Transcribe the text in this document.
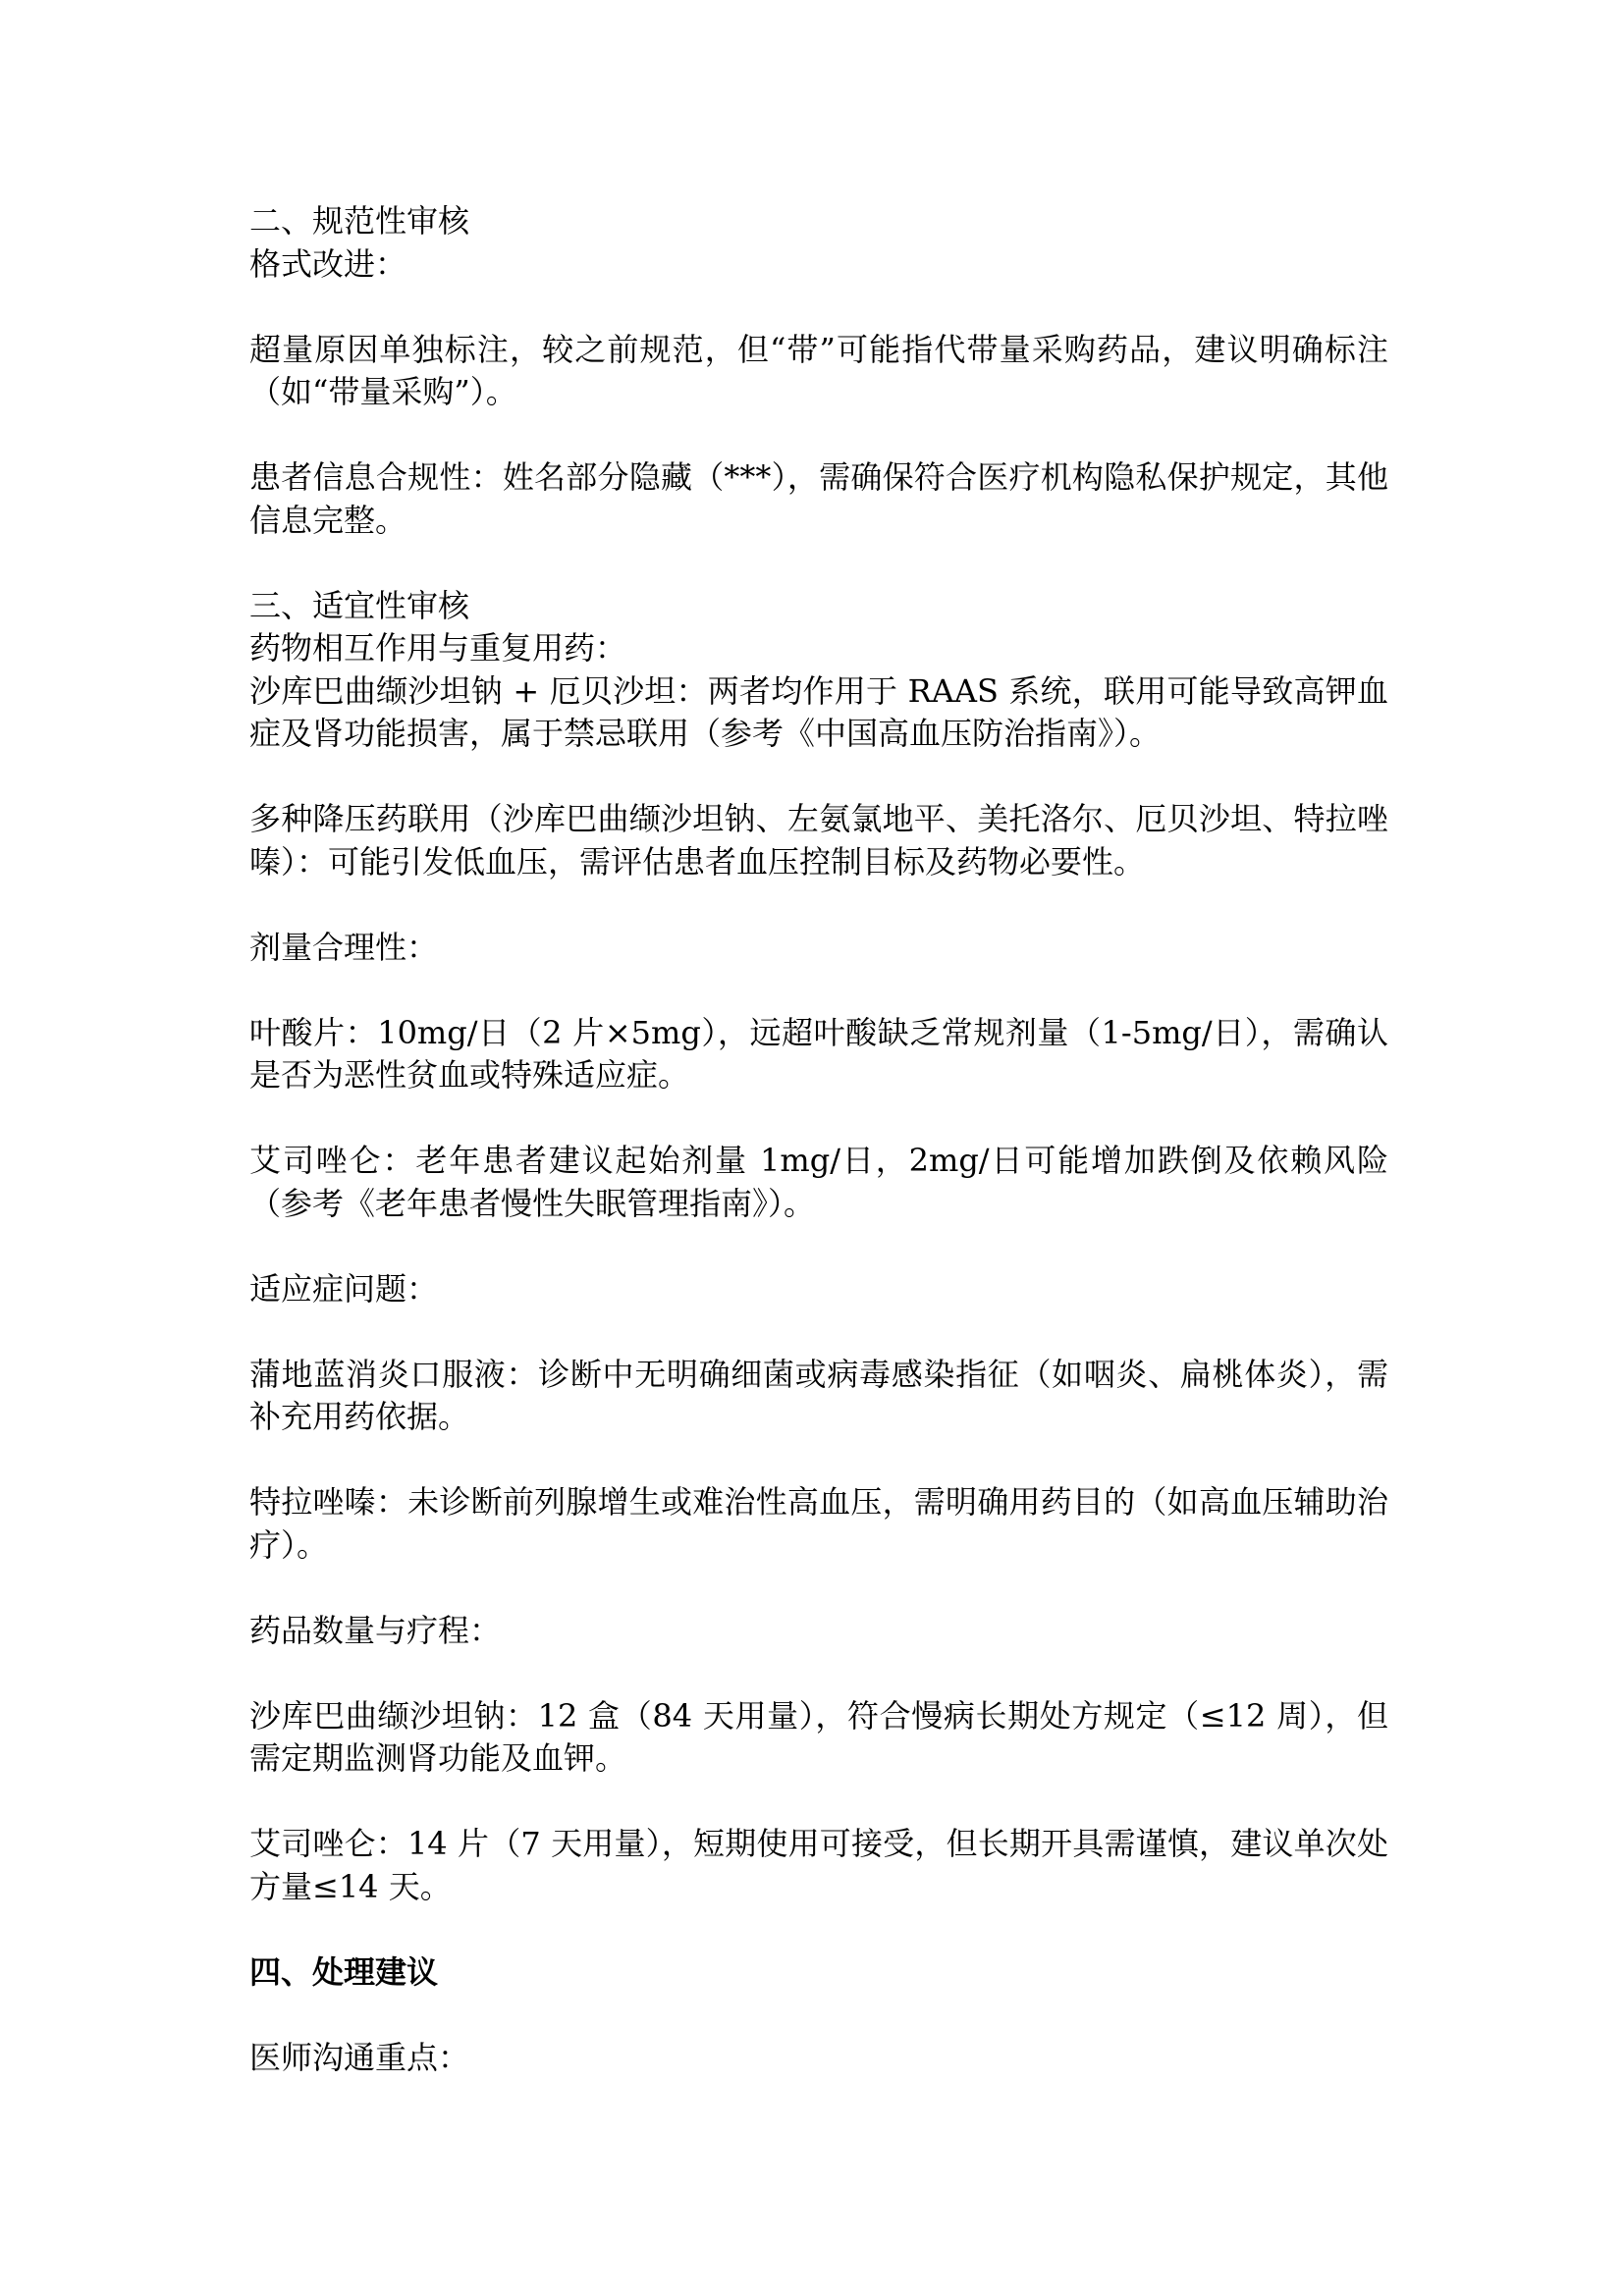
二、规范性审核

格式改进：

超量原因单独标注，较之前规范，但“带”可能指代带量采购药品，建议明确标注（如“带量采购”）。

患者信息合规性：姓名部分隐藏（***），需确保符合医疗机构隐私保护规定，其他信息完整。

三、适宜性审核

药物相互作用与重复用药：

沙库巴曲缬沙坦钠 + 厄贝沙坦：两者均作用于 RAAS 系统，联用可能导致高钾血症及肾功能损害，属于禁忌联用（参考《中国高血压防治指南》）。

多种降压药联用（沙库巴曲缬沙坦钠、左氨氯地平、美托洛尔、厄贝沙坦、特拉唑嗪）：可能引发低血压，需评估患者血压控制目标及药物必要性。

剂量合理性：

叶酸片：10mg/日（2 片×5mg），远超叶酸缺乏常规剂量（1-5mg/日），需确认是否为恶性贫血或特殊适应症。

艾司唑仑：老年患者建议起始剂量 1mg/日，2mg/日可能增加跌倒及依赖风险（参考《老年患者慢性失眠管理指南》）。

适应症问题：

蒲地蓝消炎口服液：诊断中无明确细菌或病毒感染指征（如咽炎、扁桃体炎），需补充用药依据。

特拉唑嗪：未诊断前列腺增生或难治性高血压，需明确用药目的（如高血压辅助治疗）。

药品数量与疗程：

沙库巴曲缬沙坦钠：12 盒（84 天用量），符合慢病长期处方规定（≤12 周），但需定期监测肾功能及血钾。

艾司唑仑：14 片（7 天用量），短期使用可接受，但长期开具需谨慎，建议单次处方量≤14 天。

四、处理建议

医师沟通重点：
